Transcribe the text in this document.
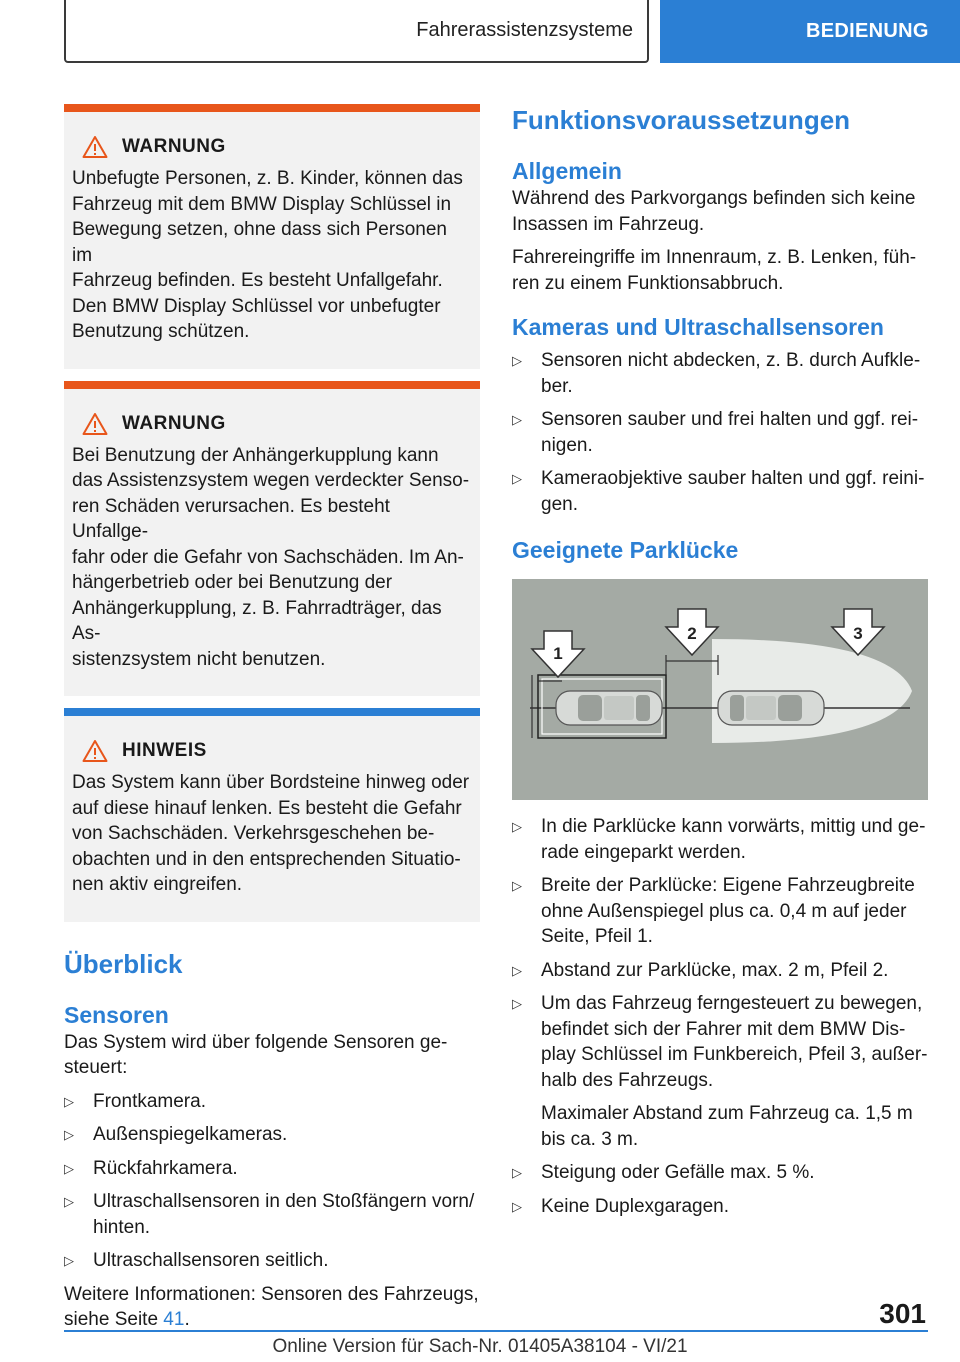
Fahrerassistenzsysteme	BEDIENUNG
WARNUNG
Unbefugte Personen, z. B. Kinder, können das
Fahrzeug mit dem BMW Display Schlüssel in
Bewegung setzen, ohne dass sich Personen im
Fahrzeug befinden. Es besteht Unfallgefahr.
Den BMW Display Schlüssel vor unbefugter
Benutzung schützen.
WARNUNG
Bei Benutzung der Anhängerkupplung kann
das Assistenzsystem wegen verdeckter Senso‐
ren Schäden verursachen. Es besteht Unfallge‐
fahr oder die Gefahr von Sachschäden. Im An‐
hängerbetrieb oder bei Benutzung der
Anhängerkupplung, z. B. Fahrradträger, das As‐
sistenzsystem nicht benutzen.
HINWEIS
Das System kann über Bordsteine hinweg oder
auf diese hinauf lenken. Es besteht die Gefahr
von Sachschäden. Verkehrsgeschehen be‐
obachten und in den entsprechenden Situatio‐
nen aktiv eingreifen.
Überblick
Sensoren
Das System wird über folgende Sensoren ge‐
steuert:
▷ Frontkamera.
▷ Außenspiegelkameras.
▷ Rückfahrkamera.
▷ Ultraschallsensoren in den Stoßfängern vorn/
hinten.
▷ Ultraschallsensoren seitlich.
Weitere Informationen: Sensoren des Fahrzeugs,
siehe Seite 41.
Funktionsvoraussetzungen
Allgemein
Während des Parkvorgangs befinden sich keine
Insassen im Fahrzeug.
Fahrereingriffe im Innenraum, z. B. Lenken, füh‐
ren zu einem Funktionsabbruch.
Kameras und Ultraschallsensoren
▷ Sensoren nicht abdecken, z. B. durch Aufkle‐
ber.
▷ Sensoren sauber und frei halten und ggf. rei‐
nigen.
▷ Kameraobjektive sauber halten und ggf. reini‐
gen.
Geeignete Parklücke
1
2	3
▷ In die Parklücke kann vorwärts, mittig und ge‐
rade eingeparkt werden.
▷ Breite der Parklücke: Eigene Fahrzeugbreite
ohne Außenspiegel plus ca. 0,4 m auf jeder
Seite, Pfeil 1.
▷ Abstand zur Parklücke, max. 2 m, Pfeil 2.
▷ Um das Fahrzeug ferngesteuert zu bewegen,
befindet sich der Fahrer mit dem BMW Dis‐
play Schlüssel im Funkbereich, Pfeil 3, außer‐
halb des Fahrzeugs.
Maximaler Abstand zum Fahrzeug ca. 1,5 m
bis ca. 3 m.
▷ Steigung oder Gefälle max. 5 %.
▷ Keine Duplexgaragen.
301
Online Version für Sach-Nr. 01405A38104 - VI/21
